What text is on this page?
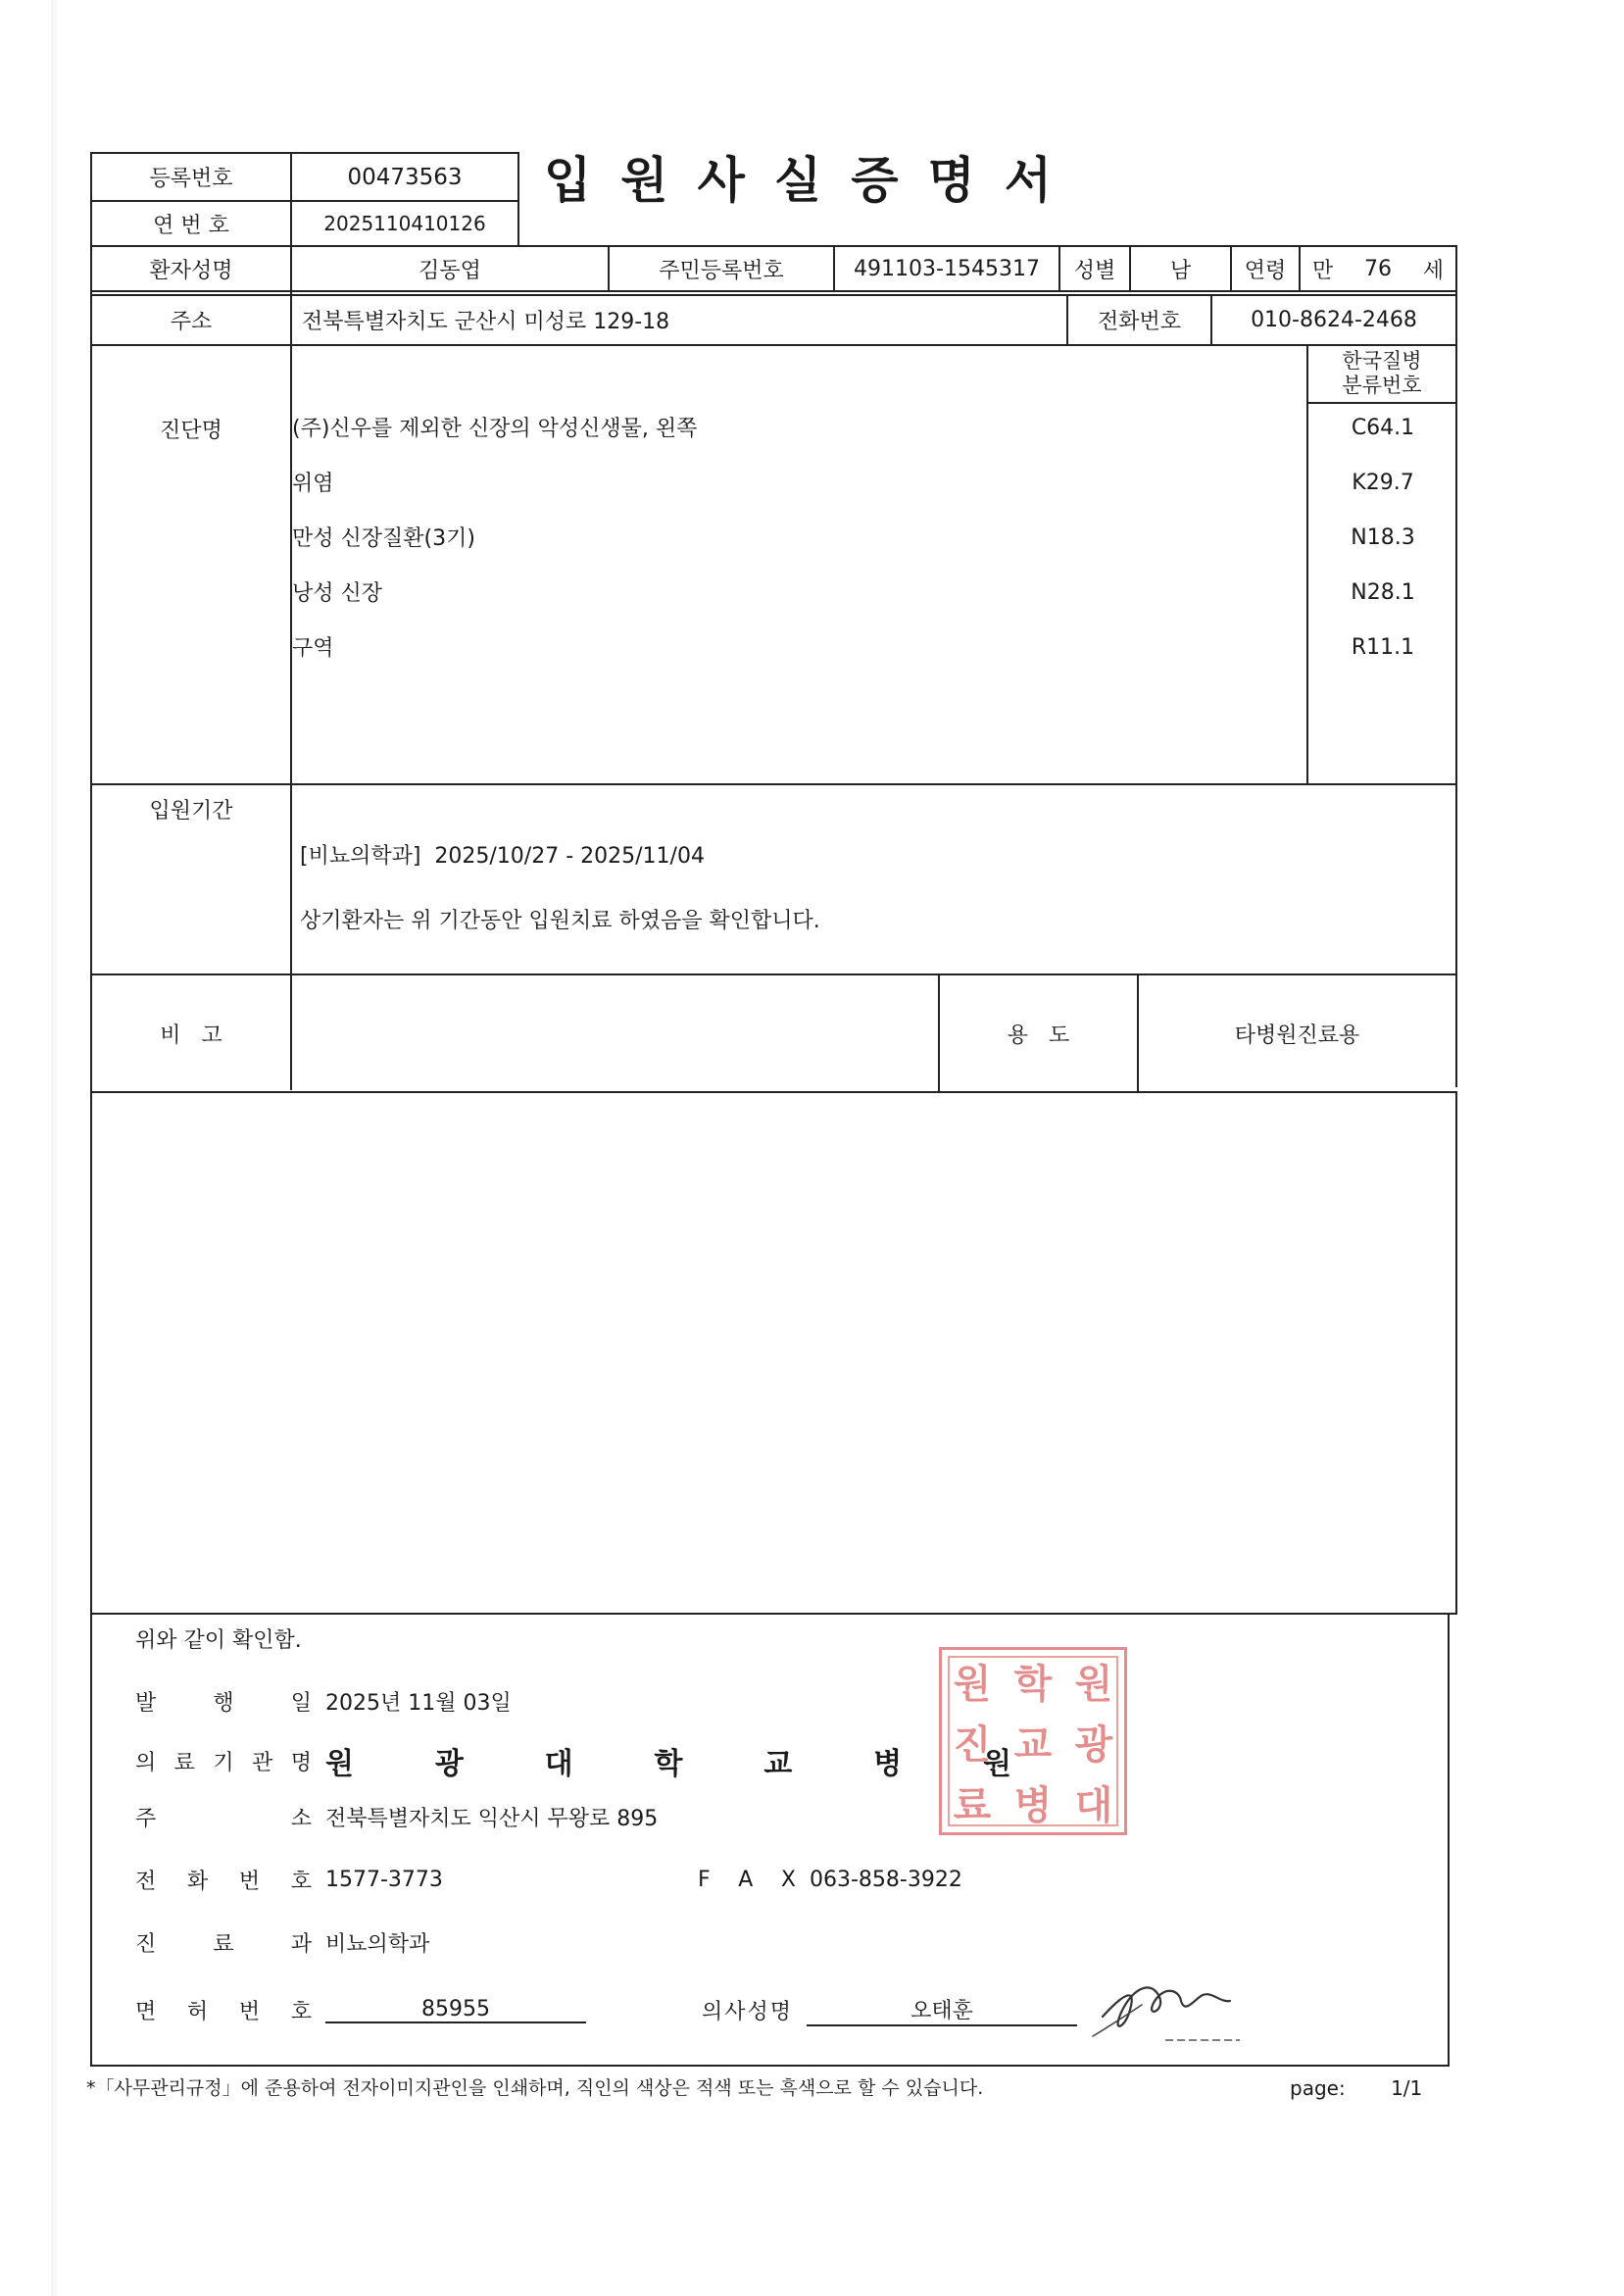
등록번호	00473563
연 번 호	2025110410126
입원사실증명서
환자성명	김동엽	주민등록번호	491103-1545317	성별	남	연령	만 76 세
주소	전북특별자치도 군산시 미성로 129-18	전화번호	010-8624-2468
진단명
한국질병
분류번호
(주)신우를 제외한 신장의 악성신생물, 왼쪽	C64.1
위염	K29.7
만성 신장질환(3기)	N18.3
낭성 신장	N28.1
구역	R11.1
입원기간
[비뇨의학과]  2025/10/27 - 2025/11/04
상기환자는 위 기간동안 입원치료 하였음을 확인합니다.
비   고	용   도	타병원진료용
위와 같이 확인함.
발	행	일 2025년 11월 03일
의 료 기 관 명 원	광	대	학	교	병	원
주	소 전북특별자치도 익산시 무왕로 895
전 화 번 호 1577-3773	F A X 063-858-3922
진	료	과 비뇨의학과
면 허 번 호	85955	의사성명	오태훈
원 학 원
진 교 광
료 병 대
*「사무관리규정」에 준용하여 전자이미지관인을 인쇄하며, 직인의 색상은 적색 또는 흑색으로 할 수 있습니다.	page: 1/1
